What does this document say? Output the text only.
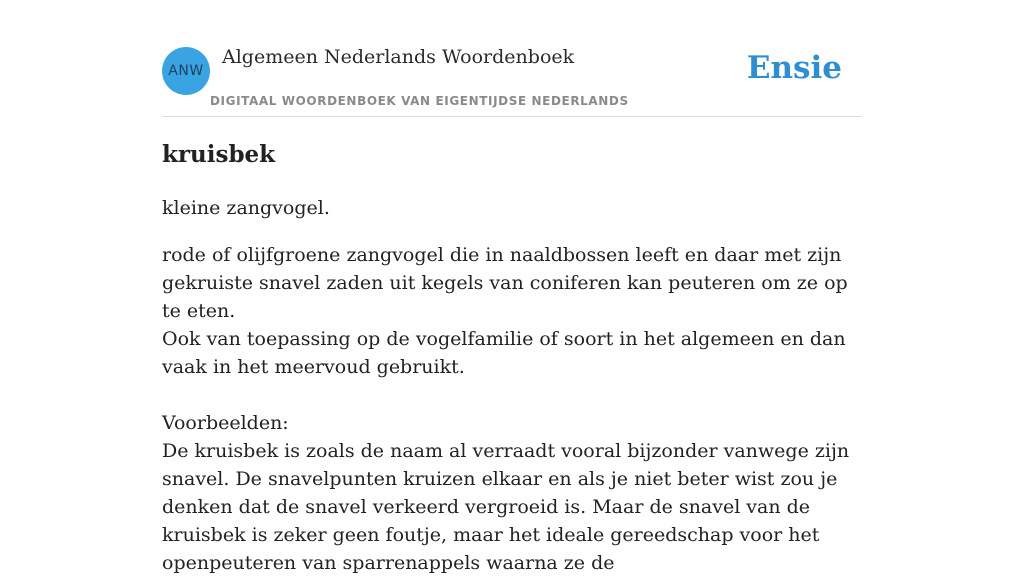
ANW
Algemeen Nederlands Woordenboek
DIGITAAL WOORDENBOEK VAN EIGENTIJDSE NEDERLANDS
Ensie
kruisbek

kleine zangvogel.

rode of olijfgroene zangvogel die in naaldbossen leeft en daar met zijn gekruiste snavel zaden uit kegels van coniferen kan peuteren om ze op te eten.

Ook van toepassing op de vogelfamilie of soort in het algemeen en dan vaak in het meervoud gebruikt.

Voorbeelden:

De kruisbek is zoals de naam al verraadt vooral bijzonder vanwege zijn snavel. De snavelpunten kruizen elkaar en als je niet beter wist zou je denken dat de snavel verkeerd vergroeid is. Maar de snavel van de kruisbek is zeker geen foutje, maar het ideale gereedschap voor het openpeuteren van sparrenappels waarna ze de
